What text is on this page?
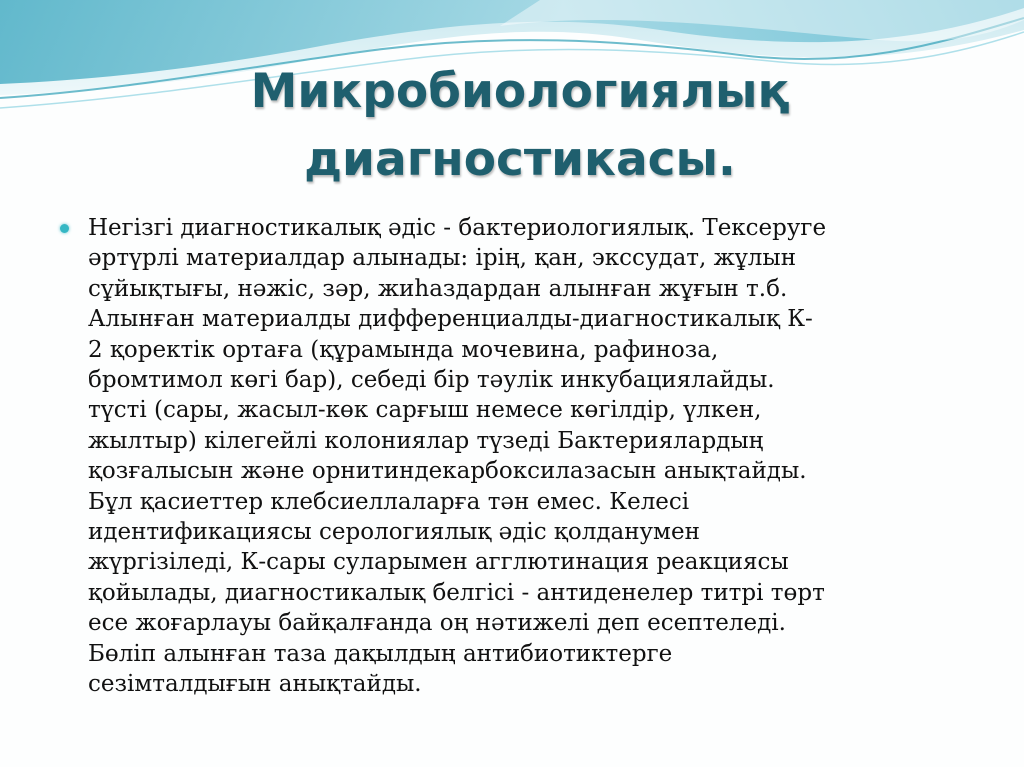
Микробиологиялық
диагностикасы.

Негізгі диагностикалық әдіс - бактериологиялық. Тексеруге
әртүрлі материалдар алынады: ірің, қан, экссудат, жұлын
сұйықтығы, нәжіс, зәр, жиһаздардан алынған жұғын т.б.
Алынған материалды дифференциалды-диагностикалық К-
2 қоректік ортаға (құрамында мочевина, рафиноза,
бромтимол көгі бар), себеді бір тәулік инкубациялайды.
түсті (сары, жасыл-көк сарғыш немесе көгілдір, үлкен,
жылтыр) кілегейлі колониялар түзеді Бактериялардың
қозғалысын және орнитиндекарбоксилазасын анықтайды.
Бұл қасиеттер клебсиеллаларға тән емес. Келесі
идентификациясы серологиялық әдіс қолданумен
жүргізіледі, К-сары суларымен агглютинация реакциясы
қойылады, диагностикалық белгісі - антиденелер титрі төрт
есе жоғарлауы байқалғанда оң нәтижелі деп есептеледі.
Бөліп алынған таза дақылдың антибиотиктерге
сезімталдығын анықтайды.
